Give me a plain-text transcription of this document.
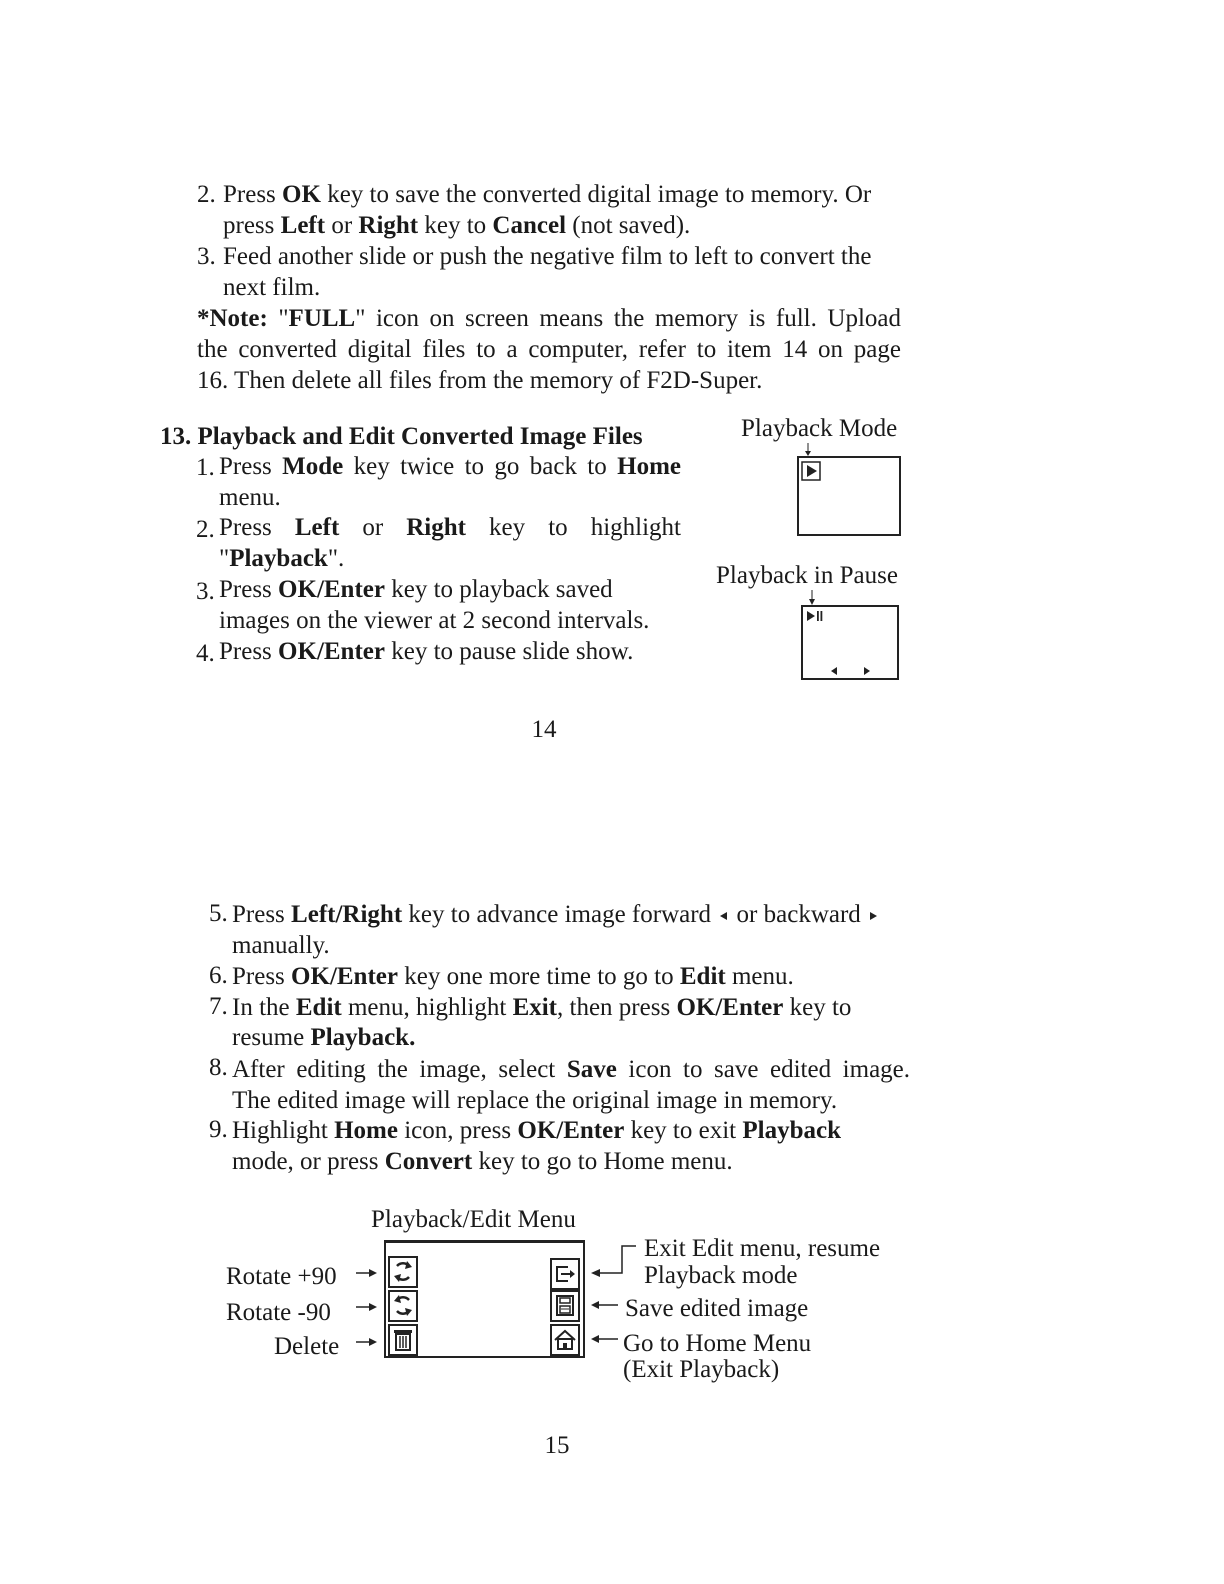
2. Press OK key to save the converted digital image to memory. Or
press Left or Right key to Cancel (not saved).
3. Feed another slide or push the negative film to left to convert the
next film.
*Note: "FULL" icon on screen means the memory is full. Upload
the converted digital files to a computer, refer to item 14 on page
16. Then delete all files from the memory of F2D-Super.
13. Playback and Edit Converted Image Files
1. Press Mode key twice to go back to Home
menu.
2. Press Left or Right key to highlight
"Playback".
3. Press OK/Enter key to playback saved
images on the viewer at 2 second intervals.
4. Press OK/Enter key to pause slide show.
Playback Mode
Playback in Pause
14
5. Press Left/Right key to advance image forward  or backward
manually.
6. Press OK/Enter key one more time to go to Edit menu.
7. In the Edit menu, highlight Exit, then press OK/Enter key to
resume Playback.
8. After editing the image, select Save icon to save edited image.
The edited image will replace the original image in memory.
9. Highlight Home icon, press OK/Enter key to exit Playback
mode, or press Convert key to go to Home menu.
Playback/Edit Menu
Rotate +90
Rotate -90
Delete
Exit Edit menu, resume
Playback mode
Save edited image
Go to Home Menu
(Exit Playback)
15
